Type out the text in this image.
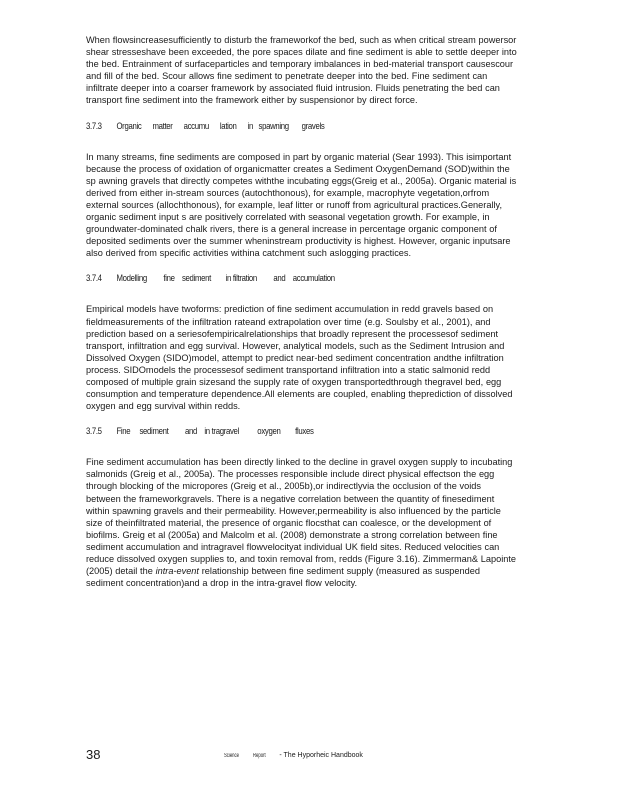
When flowsincreasesufficiently to disturb the frameworkof the bed, such as when critical stream powersor shear stresseshave been exceeded, the pore spaces dilate and fine sediment is able to settle deeper into the bed. Entrainment of surfaceparticles and temporary imbalances in bed-material transport causescour and fill of the bed. Scour allows fine sediment to penetrate deeper into the bed. Fine sediment can infiltrate deeper into a coarser framework by associated fluid intrusion. Fluids penetrating the bed can transport fine sediment into the framework either by suspensionor by direct force.

3.7.3 Organic      matter      accumu      lation      in   spawning       gravels

In many streams, fine sediments are composed in part by organic material (Sear 1993). This isimportant because the process of oxidation of organicmatter creates a Sediment OxygenDemand (SOD)within the sp awning gravels that directly competes withthe incubating eggs(Greig et al., 2005a). Organic material is derived from either in-stream sources (autochthonous), for example, macrophyte vegetation,orfrom external sources (allochthonous), for example, leaf litter or runoff from agricultural practices.Generally, organic sediment input s are positively correlated with seasonal vegetation growth. For example, in groundwater-dominated chalk rivers, there is a general increase in percentage organic component of deposited sediments over the summer wheninstream productivity is highest. However, organic inputsare also derived from specific activities withina catchment such aslogging practices.

3.7.4 Modelling         fine    sediment        in filtration         and    accumulation

Empirical models have twoforms: prediction of fine sediment accumulation in redd gravels based on fieldmeasurements of the infiltration rateand extrapolation over time (e.g. Soulsby et al., 2001), and prediction based on a seriesofempiricalrelationships that broadly represent the processesof sediment transport, infiltration and egg survival. However, analytical models, such as the Sediment Intrusion and Dissolved Oxygen (SIDO)model, attempt to predict near-bed sediment concentration andthe infiltration process. SIDOmodels the processesof sediment transportand infiltration into a static salmonid redd composed of multiple grain sizesand the supply rate of oxygen transportedthrough thegravel bed, egg consumption and temperature dependence.All elements are coupled, enabling theprediction of dissolved oxygen and egg survival within redds.

3.7.5 Fine     sediment         and    in tragravel          oxygen        fluxes

Fine sediment accumulation has been directly linked to the decline in gravel oxygen supply to incubating salmonids (Greig et al., 2005a). The processes responsible include direct physical effectson the egg through blocking of the micropores (Greig et al., 2005b),or indirectlyvia the occlusion of the voids between the frameworkgravels. There is a negative correlation between the quantity of finesediment within spawning gravels and their permeability. However,permeability is also influenced by the particle size of theinfiltrated material, the presence of organic flocsthat can coalesce, or the development of biofilms. Greig et al (2005a) and Malcolm et al. (2008) demonstrate a strong correlation between fine sediment accumulation and intragravel flowvelocityat individual UK field sites. Reduced velocities can reduce dissolved oxygen supplies to, and toxin removal from, redds (Figure 3.16). Zimmerman& Lapointe (2005) detail the intra-event relationship between fine sediment supply (measured as suspended sediment concentration)and a drop in the intra-gravel flow velocity.

38	Science Report - The Hyporheic Handbook
